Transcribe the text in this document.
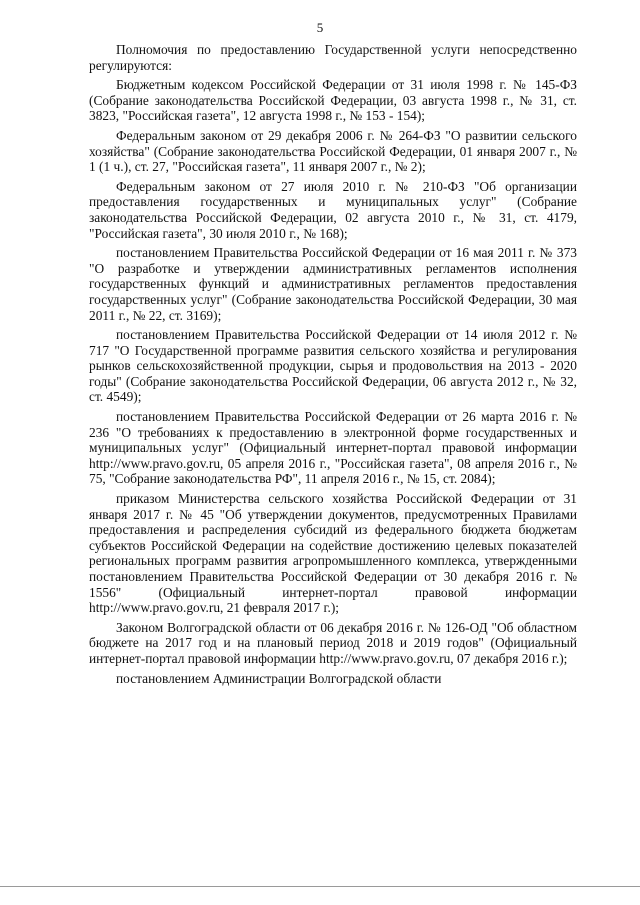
5

Полномочия по предоставлению Государственной услуги непосредственно регулируются:

Бюджетным кодексом Российской Федерации от 31 июля 1998 г. № 145-ФЗ (Собрание законодательства Российской Федерации, 03 августа 1998 г., № 31, ст. 3823, "Российская газета", 12 августа 1998 г., № 153 - 154);

Федеральным законом от 29 декабря 2006 г. № 264-ФЗ "О развитии сельского хозяйства" (Собрание законодательства Российской Федерации, 01 января 2007 г., № 1 (1 ч.), ст. 27, "Российская газета", 11 января 2007 г., № 2);

Федеральным законом от 27 июля 2010 г. № 210-ФЗ "Об организации предоставления государственных и муниципальных услуг" (Собрание законодательства Российской Федерации, 02 августа 2010 г., № 31, ст. 4179, "Российская газета", 30 июля 2010 г., № 168);

постановлением Правительства Российской Федерации от 16 мая 2011 г. № 373 "О разработке и утверждении административных регламентов исполнения государственных функций и административных регламентов предоставления государственных услуг" (Собрание законодательства Российской Федерации, 30 мая 2011 г., № 22, ст. 3169);

постановлением Правительства Российской Федерации от 14 июля 2012 г. № 717 "О Государственной программе развития сельского хозяйства и регулирования рынков сельскохозяйственной продукции, сырья и продовольствия на 2013 - 2020 годы" (Собрание законодательства Российской Федерации, 06 августа 2012 г., № 32, ст. 4549);

постановлением Правительства Российской Федерации от 26 марта 2016 г. № 236 "О требованиях к предоставлению в электронной форме государственных и муниципальных услуг" (Официальный интернет-портал правовой информации http://www.pravo.gov.ru, 05 апреля 2016 г., "Российская газета", 08 апреля 2016 г., № 75, "Собрание законодательства РФ", 11 апреля 2016 г., № 15, ст. 2084);

приказом Министерства сельского хозяйства Российской Федерации от 31 января 2017 г. № 45 "Об утверждении документов, предусмотренных Правилами предоставления и распределения субсидий из федерального бюджета бюджетам субъектов Российской Федерации на содействие достижению целевых показателей региональных программ развития агропромышленного комплекса, утвержденными постановлением Правительства Российской Федерации от 30 декабря 2016 г. № 1556" (Официальный интернет-портал правовой информации http://www.pravo.gov.ru, 21 февраля 2017 г.);

Законом Волгоградской области от 06 декабря 2016 г. № 126-ОД "Об областном бюджете на 2017 год и на плановый период 2018 и 2019 годов" (Официальный интернет-портал правовой информации http://www.pravo.gov.ru, 07 декабря 2016 г.);

постановлением Администрации Волгоградской области
